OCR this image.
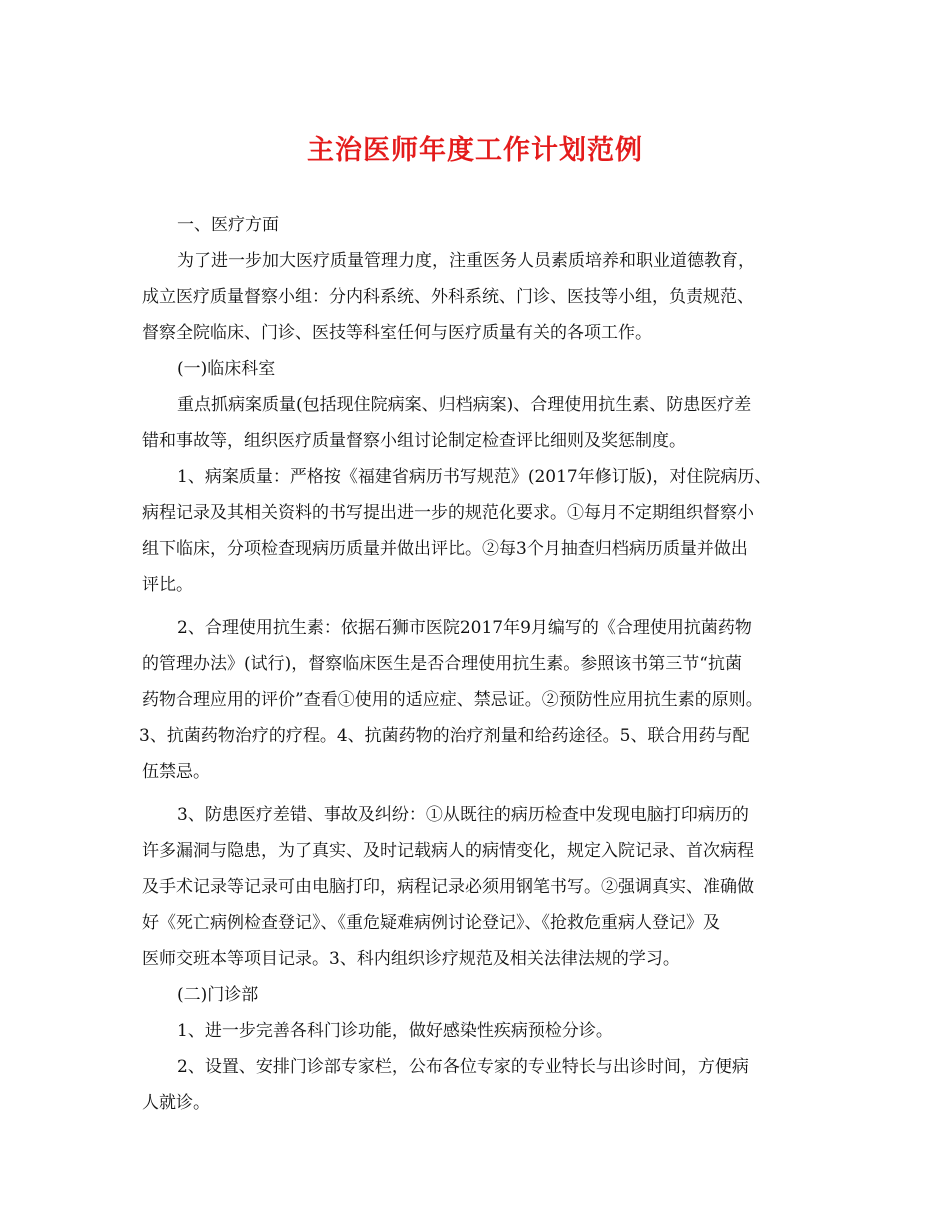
主治医师年度工作计划范例
一、医疗方面
为了进一步加大医疗质量管理力度，注重医务人员素质培养和职业道德教育，
成立医疗质量督察小组：分内科系统、外科系统、门诊、医技等小组，负责规范、
督察全院临床、门诊、医技等科室任何与医疗质量有关的各项工作。
(一)临床科室
重点抓病案质量(包括现住院病案、归档病案)、合理使用抗生素、防患医疗差
错和事故等，组织医疗质量督察小组讨论制定检查评比细则及奖惩制度。
1、病案质量：严格按《福建省病历书写规范》(2017年修订版)，对住院病历、
病程记录及其相关资料的书写提出进一步的规范化要求。①每月不定期组织督察小
组下临床，分项检查现病历质量并做出评比。②每3个月抽查归档病历质量并做出
评比。
2、合理使用抗生素：依据石狮市医院2017年9月编写的《合理使用抗菌药物
的管理办法》(试行)，督察临床医生是否合理使用抗生素。参照该书第三节“抗菌
药物合理应用的评价”查看①使用的适应症、禁忌证。②预防性应用抗生素的原则。
3、抗菌药物治疗的疗程。4、抗菌药物的治疗剂量和给药途径。5、联合用药与配
伍禁忌。
3、防患医疗差错、事故及纠纷：①从既往的病历检查中发现电脑打印病历的
许多漏洞与隐患，为了真实、及时记载病人的病情变化，规定入院记录、首次病程
及手术记录等记录可由电脑打印，病程记录必须用钢笔书写。②强调真实、准确做
好《死亡病例检查登记》、《重危疑难病例讨论登记》、《抢救危重病人登记》及
医师交班本等项目记录。3、科内组织诊疗规范及相关法律法规的学习。
(二)门诊部
1、进一步完善各科门诊功能，做好感染性疾病预检分诊。
2、设置、安排门诊部专家栏，公布各位专家的专业特长与出诊时间，方便病
人就诊。
